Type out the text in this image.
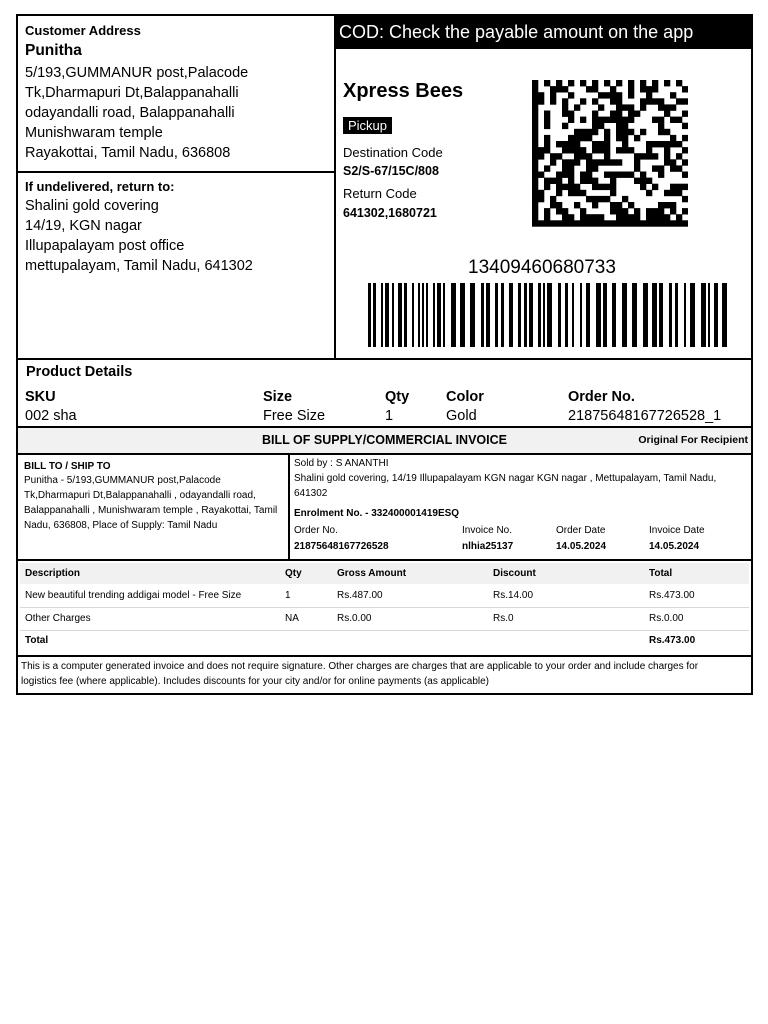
Customer Address
Punitha
5/193,GUMMANUR post,Palacode
Tk,Dharmapuri Dt,Balappanahalli
odayandalli road, Balappanahalli
Munishwaram temple
Rayakottai, Tamil Nadu, 636808
If undelivered, return to:
Shalini gold covering
14/19, KGN nagar
Illupapalayam post office
mettupalayam, Tamil Nadu, 641302
COD: Check the payable amount on the app
Xpress Bees
Pickup
Destination Code
S2/S-67/15C/808
Return Code
641302,1680721
13409460680733
Product Details
SKU	Size	Qty	Color	Order No.
002 sha	Free Size	1	Gold	21875648167726528_1
BILL OF SUPPLY/COMMERCIAL INVOICE	Original For Recipient
BILL TO / SHIP TO
Punitha - 5/193,GUMMANUR post,Palacode
Tk,Dharmapuri Dt,Balappanahalli , odayandalli road,
Balappanahalli , Munishwaram temple , Rayakottai, Tamil
Nadu, 636808, Place of Supply: Tamil Nadu
Sold by : S ANANTHI
Shalini gold covering, 14/19 Illupapalayam KGN nagar KGN nagar , Mettupalayam, Tamil Nadu,
641302
Enrolment No. - 332400001419ESQ
Order No.	Invoice No.	Order Date	Invoice Date
21875648167726528	nlhia25137	14.05.2024	14.05.2024
Description	Qty	Gross Amount	Discount	Total
New beautiful trending addigai model - Free Size	1	Rs.487.00	Rs.14.00	Rs.473.00
Other Charges	NA	Rs.0.00	Rs.0	Rs.0.00
Total	Rs.473.00
This is a computer generated invoice and does not require signature. Other charges are charges that are applicable to your order and include charges for
logistics fee (where applicable). Includes discounts for your city and/or for online payments (as applicable)
